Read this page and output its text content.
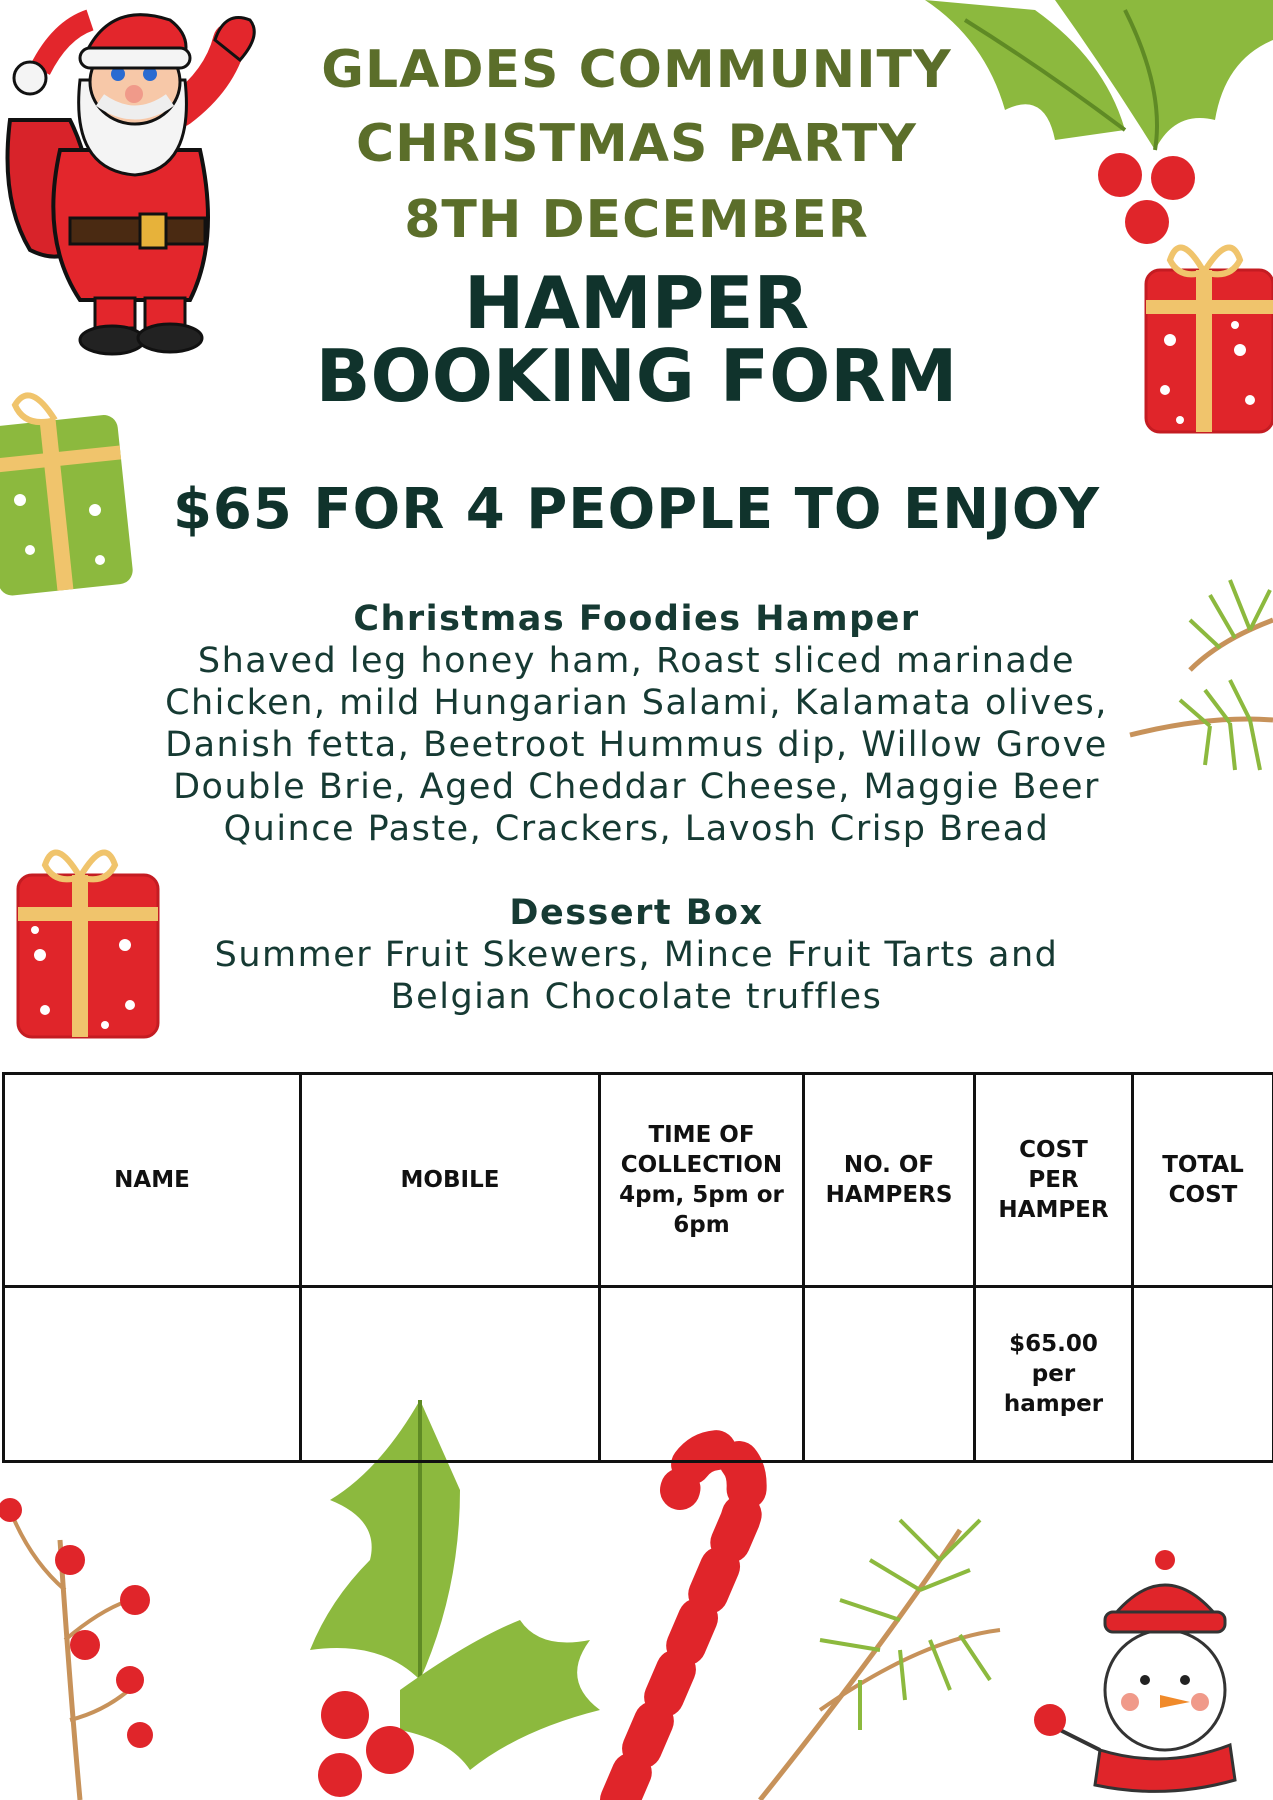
GLADES COMMUNITY
CHRISTMAS PARTY
8TH DECEMBER
HAMPER
BOOKING FORM
$65 FOR 4 PEOPLE TO ENJOY
Christmas Foodies Hamper
Shaved leg honey ham, Roast sliced marinade
Chicken, mild Hungarian Salami, Kalamata olives,
Danish fetta, Beetroot Hummus dip, Willow Grove
Double Brie, Aged Cheddar Cheese, Maggie Beer
Quince Paste, Crackers, Lavosh Crisp Bread
Dessert Box
Summer Fruit Skewers, Mince Fruit Tarts and
Belgian Chocolate truffles
NAME	MOBILE	TIME OF
COLLECTION
4pm, 5pm or
6pm	NO. OF
HAMPERS	COST
PER
HAMPER	TOTAL
COST

				$65.00
per
hamper	
